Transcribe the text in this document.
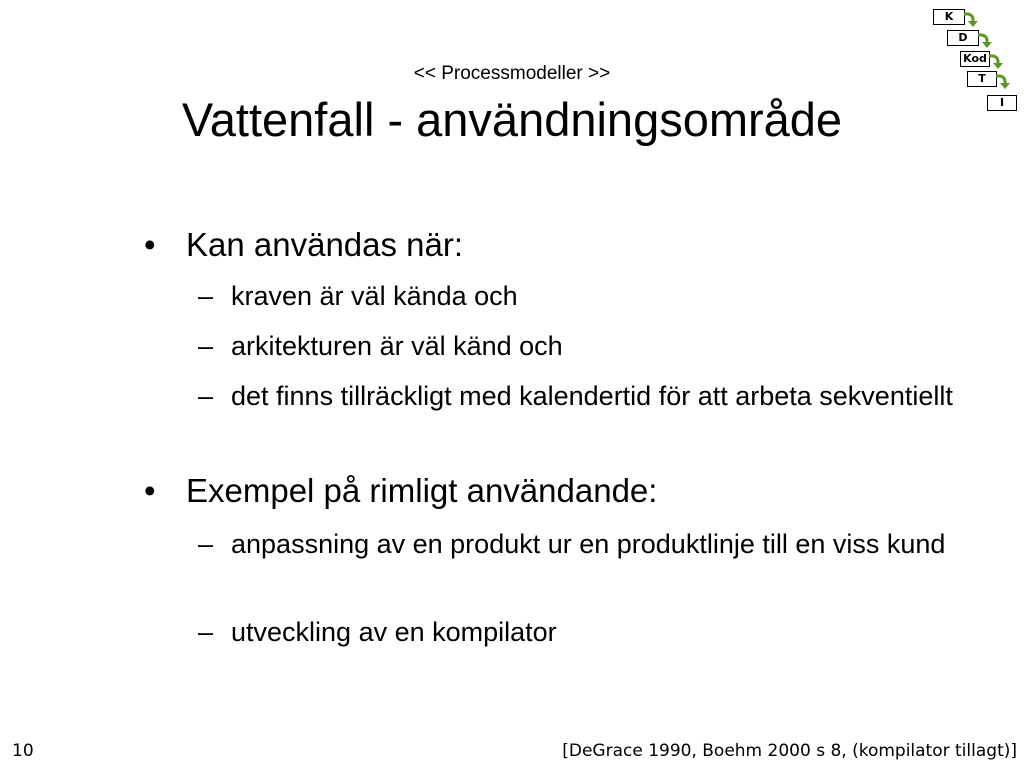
<< Processmodeller >>
Vattenfall - användningsområde
• Kan användas när:
– kraven är väl kända och
– arkitekturen är väl känd och
– det finns tillräckligt med kalendertid för att arbeta sekventiellt
• Exempel på rimligt användande:
– anpassning av en produkt ur en produktlinje till en viss kund
– utveckling av en kompilator
K
D
Kod
T
I
10	[DeGrace 1990, Boehm 2000 s 8, (kompilator tillagt)]
